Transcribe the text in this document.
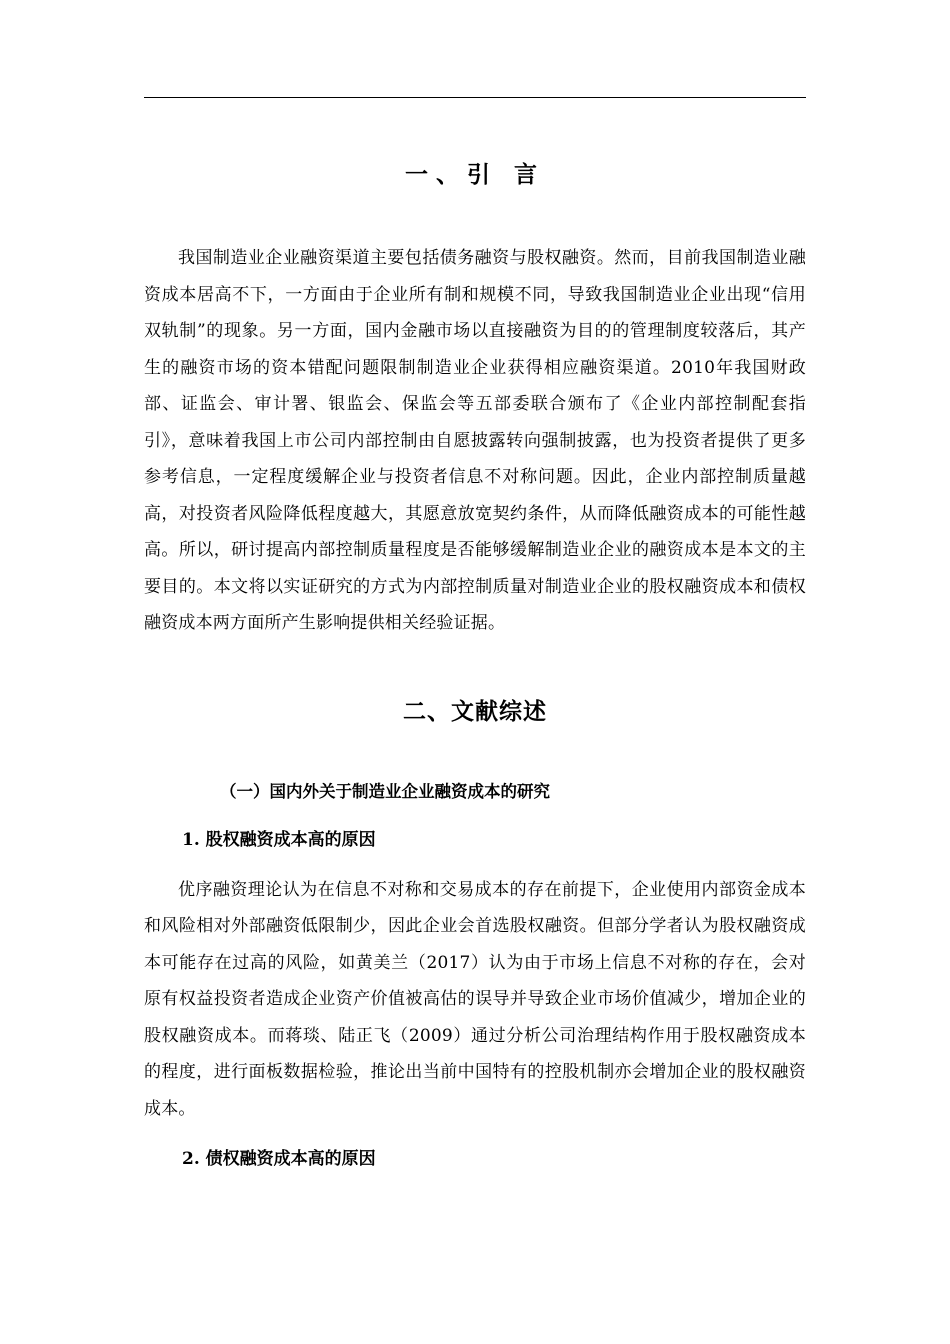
一、引 言

我国制造业企业融资渠道主要包括债务融资与股权融资。然而，目前我国制造业融资成本居高不下，一方面由于企业所有制和规模不同，导致我国制造业企业出现“信用双轨制”的现象。另一方面，国内金融市场以直接融资为目的的管理制度较落后，其产生的融资市场的资本错配问题限制制造业企业获得相应融资渠道。2010年我国财政部、证监会、审计署、银监会、保监会等五部委联合颁布了《企业内部控制配套指引》，意味着我国上市公司内部控制由自愿披露转向强制披露，也为投资者提供了更多参考信息，一定程度缓解企业与投资者信息不对称问题。因此，企业内部控制质量越高，对投资者风险降低程度越大，其愿意放宽契约条件，从而降低融资成本的可能性越高。所以，研讨提高内部控制质量程度是否能够缓解制造业企业的融资成本是本文的主要目的。本文将以实证研究的方式为内部控制质量对制造业企业的股权融资成本和债权融资成本两方面所产生影响提供相关经验证据。

二、文献综述
（一）国内外关于制造业企业融资成本的研究
1. 股权融资成本高的原因

优序融资理论认为在信息不对称和交易成本的存在前提下，企业使用内部资金成本和风险相对外部融资低限制少，因此企业会首选股权融资。但部分学者认为股权融资成本可能存在过高的风险，如黄美兰（2017）认为由于市场上信息不对称的存在，会对原有权益投资者造成企业资产价值被高估的误导并导致企业市场价值减少，增加企业的股权融资成本。而蒋琰、陆正飞（2009）通过分析公司治理结构作用于股权融资成本的程度，进行面板数据检验，推论出当前中国特有的控股机制亦会增加企业的股权融资成本。

2. 债权融资成本高的原因
